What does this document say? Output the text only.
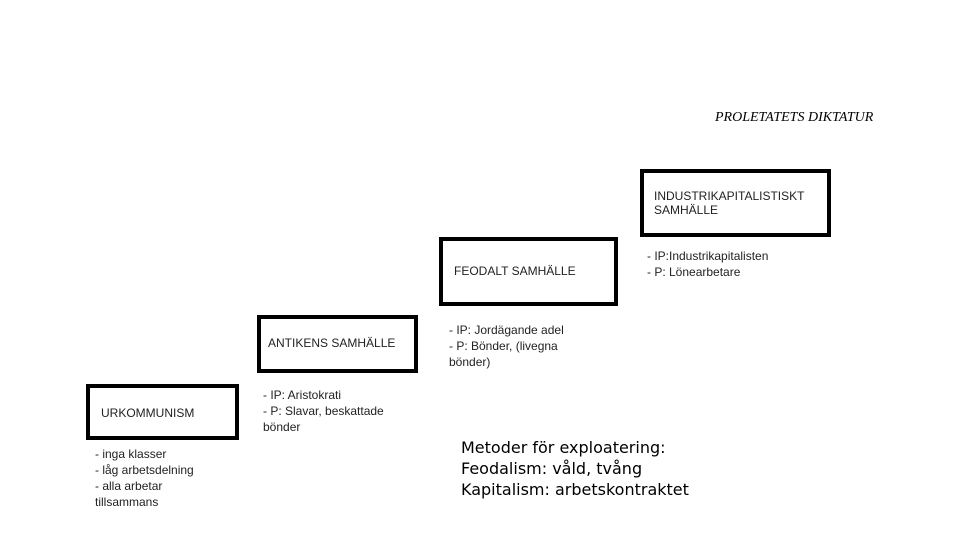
PROLETATETS DIKTATUR
URKOMMUNISM
- inga klasser
- låg arbetsdelning
- alla arbetar
tillsammans
ANTIKENS SAMHÄLLE
- IP: Aristokrati
- P: Slavar, beskattade
bönder
FEODALT SAMHÄLLE
- IP: Jordägande adel
- P: Bönder, (livegna
bönder)
INDUSTRIKAPITALISTISKT
SAMHÄLLE
- IP:Industrikapitalisten
- P: Lönearbetare
Metoder för exploatering:
Feodalism: våld, tvång
Kapitalism: arbetskontraktet
